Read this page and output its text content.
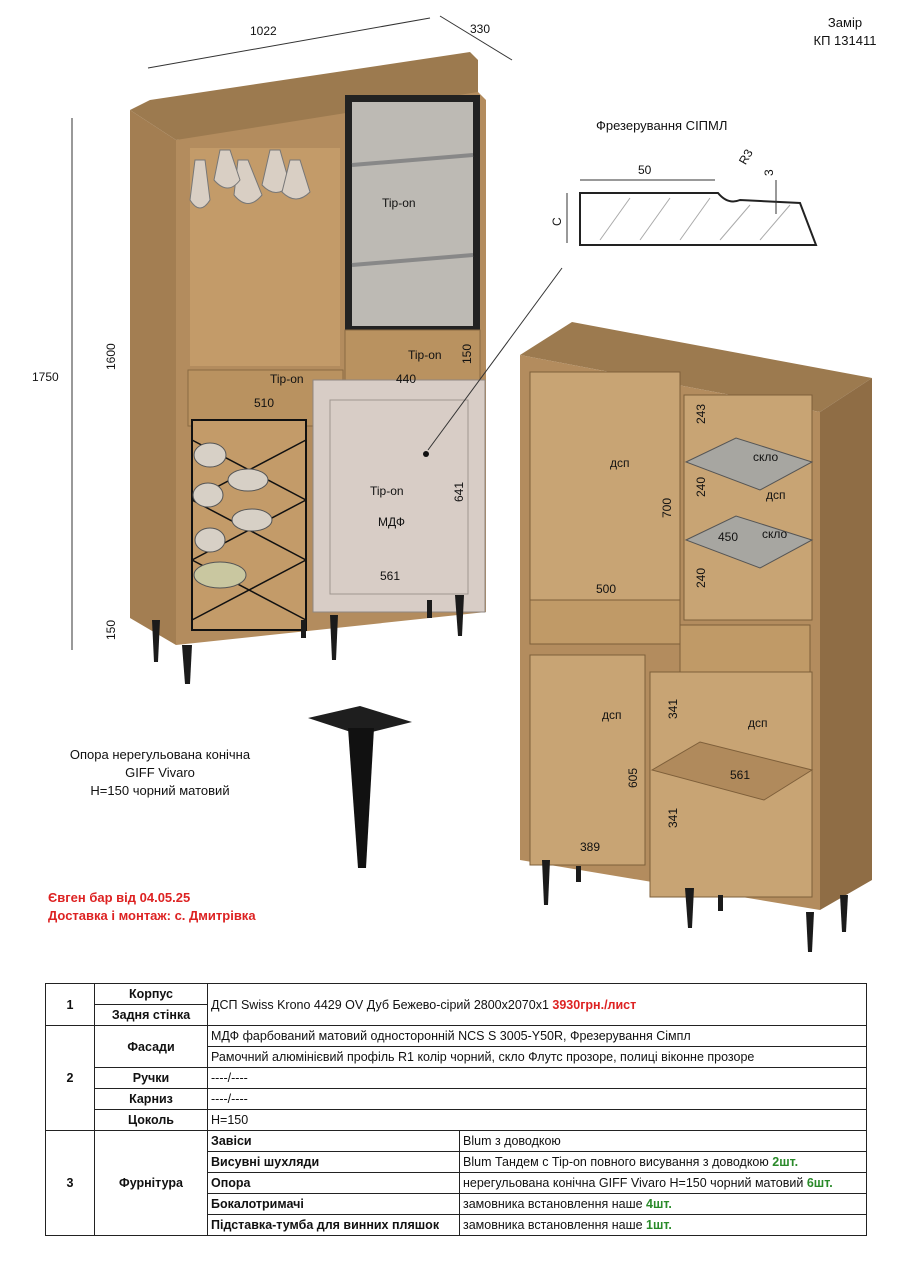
Замір
КП 131411
1022	330
1750
1600
150
Tip-on
Tip-on 150
Tip-on	440
510
Tip-on
МДФ
641
561
Фрезерування СІПМЛ
50
R3
3
C
дсп
243
скло
240	дсп
700
450 скло
240
500
дсп	341
дсп
605	561
341
389
Опора нерегульована конічна
GIFF Vivaro
H=150 чорний матовий
Євген бар від 04.05.25
Доставка і монтаж: с. Дмитрівка
1	Корпус	ДСП Swiss Krono 4429 OV Дуб Бежево-сірий 2800х2070х1 3930грн./лист	
	Задня стінка		
2	Фасади	МДФ фарбований матовий односторонній NCS S 3005-Y50R, Фрезерування Сімпл	
		Рамочний алюмінієвий профіль R1 колір чорний, скло Флутс прозоре, полиці віконне прозоре	
	Ручки	----/----	
	Карниз	----/----	
	Цоколь	H=150	
3	Фурнітура	Завіси	Blum з доводкою
		Висувні шухляди	Blum Тандем с Tip-on повного висування з доводкою 2шт.
		Опора	нерегульована конічна GIFF Vivaro H=150 чорний матовий 6шт.
		Бокалотримачі	замовника встановлення наше 4шт.
		Підставка-тумба для винних пляшок	замовника встановлення наше 1шт.
